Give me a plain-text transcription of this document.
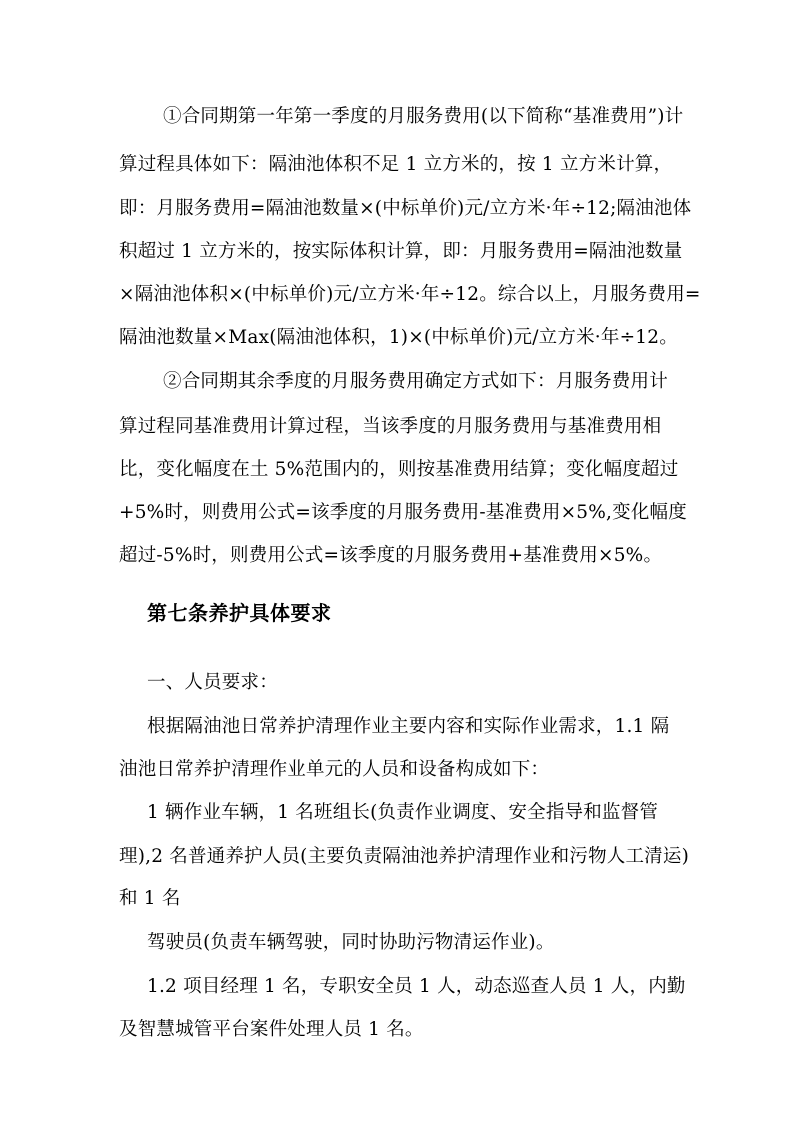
①合同期第一年第一季度的月服务费用(以下简称“基准费用”)计
算过程具体如下：隔油池体积不足 1 立方米的，按 1 立方米计算，
即：月服务费用=隔油池数量×(中标单价)元/立方米·年÷12;隔油池体
积超过 1 立方米的，按实际体积计算，即：月服务费用=隔油池数量
×隔油池体积×(中标单价)元/立方米·年÷12。综合以上，月服务费用=
隔油池数量×Max(隔油池体积，1)×(中标单价)元/立方米·年÷12。
②合同期其余季度的月服务费用确定方式如下：月服务费用计
算过程同基准费用计算过程，当该季度的月服务费用与基准费用相
比，变化幅度在土 5%范围内的，则按基准费用结算；变化幅度超过
+5%时，则费用公式=该季度的月服务费用-基准费用×5%,变化幅度
超过-5%时，则费用公式=该季度的月服务费用+基准费用×5%。
第七条养护具体要求
一、人员要求：
根据隔油池日常养护清理作业主要内容和实际作业需求，1.1 隔
油池日常养护清理作业单元的人员和设备构成如下：
1 辆作业车辆，1 名班组长(负责作业调度、安全指导和监督管
理),2 名普通养护人员(主要负责隔油池养护清理作业和污物人工清运)
和 1 名
驾驶员(负责车辆驾驶，同时协助污物清运作业)。
1.2 项目经理 1 名，专职安全员 1 人，动态巡查人员 1 人，内勤
及智慧城管平台案件处理人员 1 名。
